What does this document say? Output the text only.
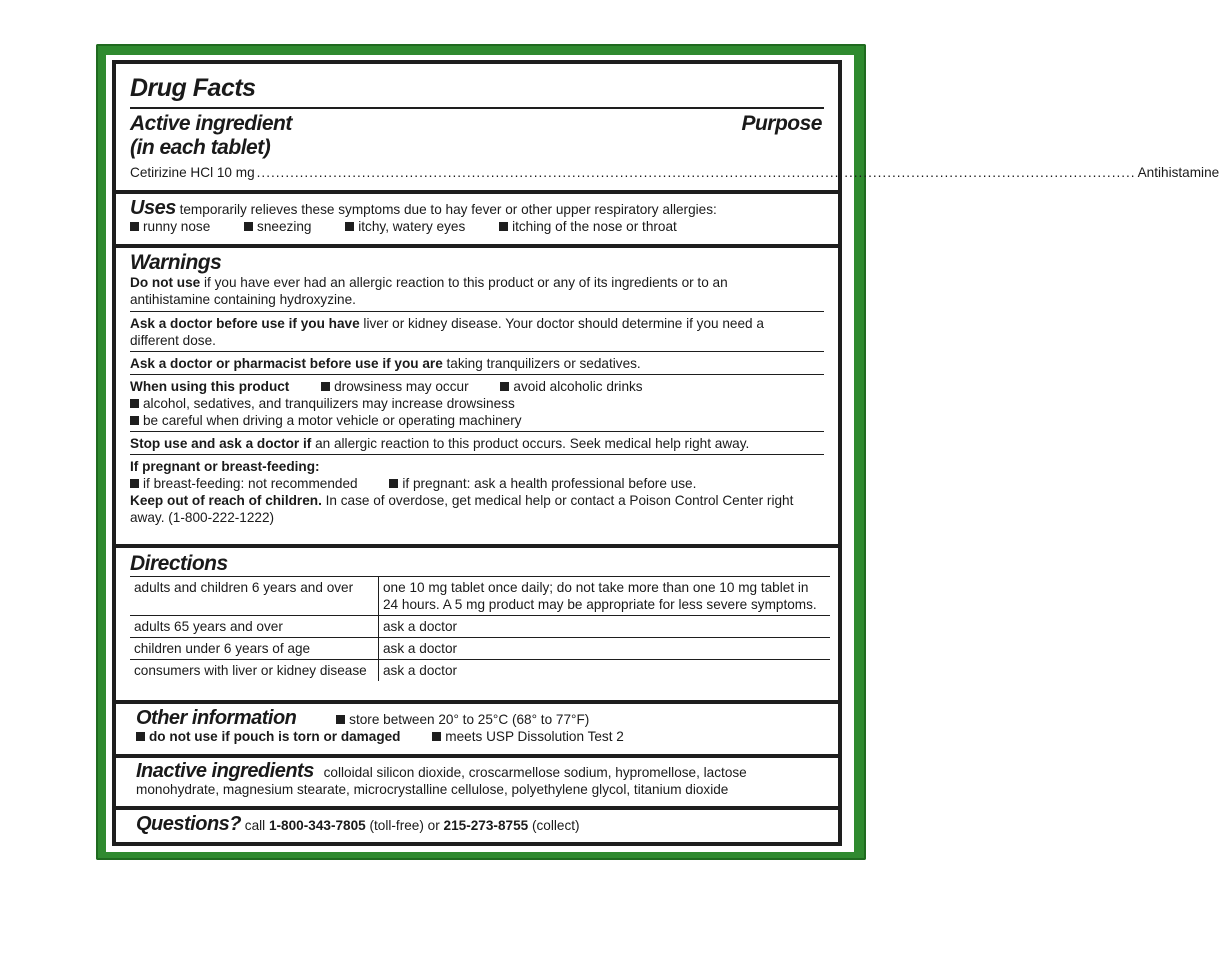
Drug Facts
Active ingredient
(in each tablet)
Purpose
Cetirizine HCl 10 mg ........................................................................................................................................................................................ Antihistamine
Uses temporarily relieves these symptoms due to hay fever or other upper respiratory allergies:
runny nose	sneezing	itchy, watery eyes	itching of the nose or throat
Warnings
Do not use if you have ever had an allergic reaction to this product or any of its ingredients or to an
antihistamine containing hydroxyzine.
Ask a doctor before use if you have liver or kidney disease. Your doctor should determine if you need a
different dose.
Ask a doctor or pharmacist before use if you are taking tranquilizers or sedatives.
When using this product	drowsiness may occur	avoid alcoholic drinks
alcohol, sedatives, and tranquilizers may increase drowsiness
be careful when driving a motor vehicle or operating machinery
Stop use and ask a doctor if an allergic reaction to this product occurs. Seek medical help right away.
If pregnant or breast-feeding:
if breast-feeding: not recommended	if pregnant: ask a health professional before use.
Keep out of reach of children. In case of overdose, get medical help or contact a Poison Control Center right
away. (1-800-222-1222)
Directions
adults and children 6 years and over	one 10 mg tablet once daily; do not take more than one 10 mg tablet in
24 hours. A 5 mg product may be appropriate for less severe symptoms.
adults 65 years and over	ask a doctor
children under 6 years of age	ask a doctor
consumers with liver or kidney disease	ask a doctor
Other information	store between 20° to 25°C (68° to 77°F)
do not use if pouch is torn or damaged	meets USP Dissolution Test 2
Inactive ingredients colloidal silicon dioxide, croscarmellose sodium, hypromellose, lactose
monohydrate, magnesium stearate, microcrystalline cellulose, polyethylene glycol, titanium dioxide
Questions? call 1-800-343-7805 (toll-free) or 215-273-8755 (collect)
